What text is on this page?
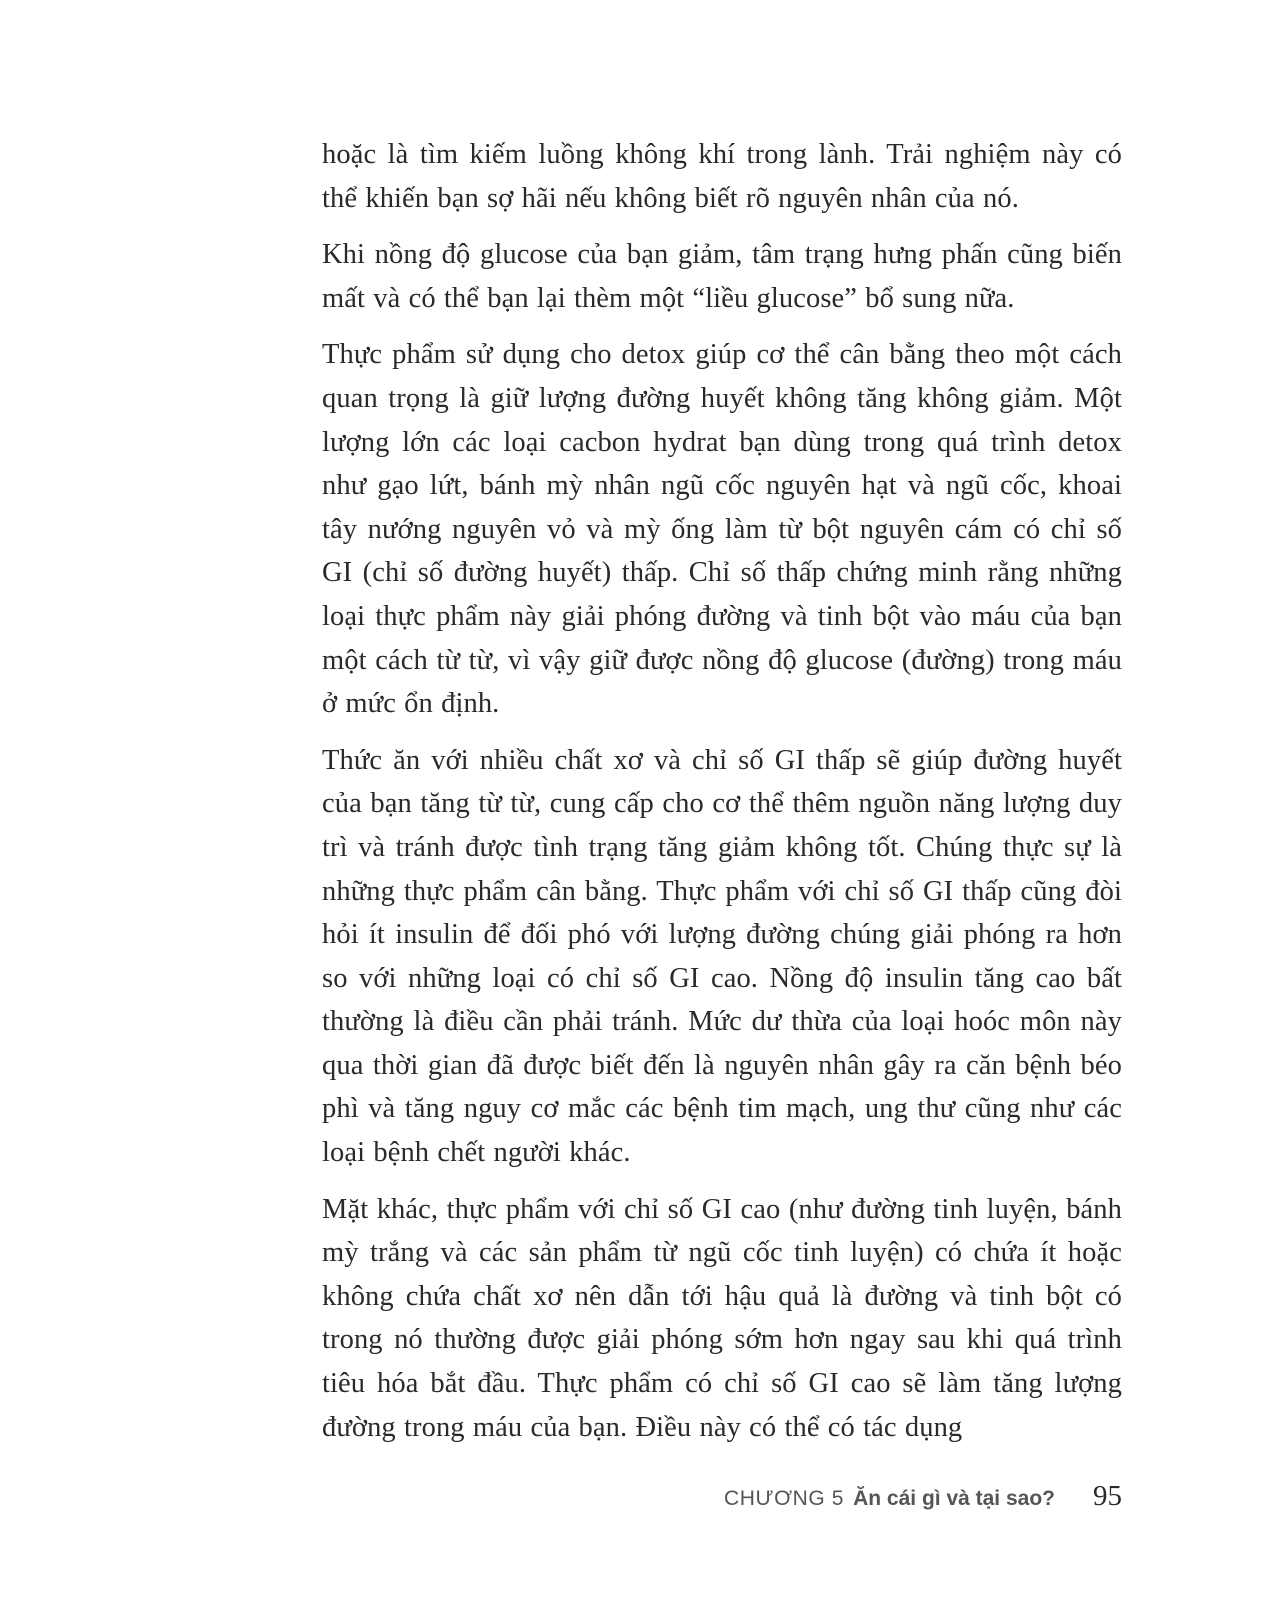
hoặc là tìm kiếm luồng không khí trong lành. Trải nghiệm này có thể khiến bạn sợ hãi nếu không biết rõ nguyên nhân của nó.

Khi nồng độ glucose của bạn giảm, tâm trạng hưng phấn cũng biến mất và có thể bạn lại thèm một “liều glucose” bổ sung nữa.

Thực phẩm sử dụng cho detox giúp cơ thể cân bằng theo một cách quan trọng là giữ lượng đường huyết không tăng không giảm. Một lượng lớn các loại cacbon hydrat bạn dùng trong quá trình detox như gạo lứt, bánh mỳ nhân ngũ cốc nguyên hạt và ngũ cốc, khoai tây nướng nguyên vỏ và mỳ ống làm từ bột nguyên cám có chỉ số GI (chỉ số đường huyết) thấp. Chỉ số thấp chứng minh rằng những loại thực phẩm này giải phóng đường và tinh bột vào máu của bạn một cách từ từ, vì vậy giữ được nồng độ glucose (đường) trong máu ở mức ổn định.

Thức ăn với nhiều chất xơ và chỉ số GI thấp sẽ giúp đường huyết của bạn tăng từ từ, cung cấp cho cơ thể thêm nguồn năng lượng duy trì và tránh được tình trạng tăng giảm không tốt. Chúng thực sự là những thực phẩm cân bằng. Thực phẩm với chỉ số GI thấp cũng đòi hỏi ít insulin để đối phó với lượng đường chúng giải phóng ra hơn so với những loại có chỉ số GI cao. Nồng độ insulin tăng cao bất thường là điều cần phải tránh. Mức dư thừa của loại hoóc môn này qua thời gian đã được biết đến là nguyên nhân gây ra căn bệnh béo phì và tăng nguy cơ mắc các bệnh tim mạch, ung thư cũng như các loại bệnh chết người khác.

Mặt khác, thực phẩm với chỉ số GI cao (như đường tinh luyện, bánh mỳ trắng và các sản phẩm từ ngũ cốc tinh luyện) có chứa ít hoặc không chứa chất xơ nên dẫn tới hậu quả là đường và tinh bột có trong nó thường được giải phóng sớm hơn ngay sau khi quá trình tiêu hóa bắt đầu. Thực phẩm có chỉ số GI cao sẽ làm tăng lượng đường trong máu của bạn. Điều này có thể có tác dụng

CHƯƠNG 5 Ăn cái gì và tại sao? 95
